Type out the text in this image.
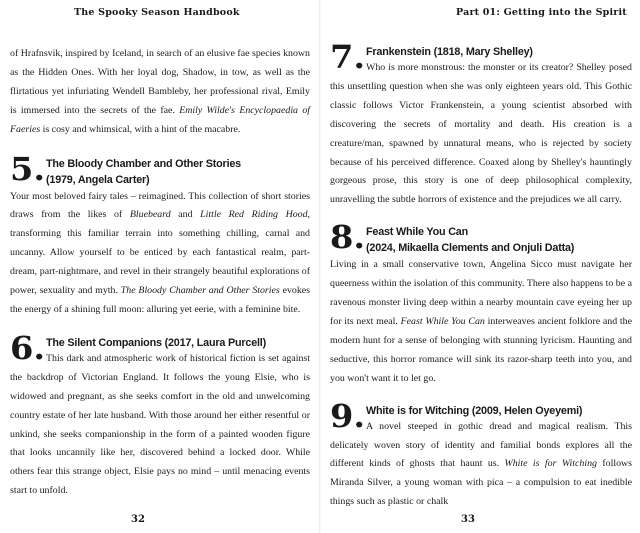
The Spooky Season Handbook

of Hrafnsvik, inspired by Iceland, in search of an elusive fae species known as the Hidden Ones. With her loyal dog, Shadow, in tow, as well as the flirtatious yet infuriating Wendell Bambleby, her professional rival, Emily is immersed into the secrets of the fae. Emily Wilde's Encyclopaedia of Faeries is cosy and whimsical, with a hint of the macabre.

5. The Bloody Chamber and Other Stories
(1979, Angela Carter)

Your most beloved fairy tales – reimagined. This collection of short stories draws from the likes of Bluebeard and Little Red Riding Hood, transforming this familiar terrain into something chilling, carnal and uncanny. Allow yourself to be enticed by each fantastical realm, part-dream, part-nightmare, and revel in their strangely beautiful explorations of power, sexuality and myth. The Bloody Chamber and Other Stories evokes the energy of a shining full moon: alluring yet eerie, with a feminine bite.

6. The Silent Companions (2017, Laura Purcell)

This dark and atmospheric work of historical fiction is set against the backdrop of Victorian England. It follows the young Elsie, who is widowed and pregnant, as she seeks comfort in the old and unwelcoming country estate of her late husband. With those around her either resentful or unkind, she seeks companionship in the form of a painted wooden figure that looks uncannily like her, discovered behind a locked door. While others fear this strange object, Elsie pays no mind – until menacing events start to unfold.

32
Part 01: Getting into the Spirit
7. Frankenstein (1818, Mary Shelley)

Who is more monstrous: the monster or its creator? Shelley posed this unsettling question when she was only eighteen years old. This Gothic classic follows Victor Frankenstein, a young scientist absorbed with discovering the secrets of mortality and death. His creation is a creature/man, spawned by unnatural means, who is rejected by society because of his perceived difference. Coaxed along by Shelley's hauntingly gorgeous prose, this story is one of deep philosophical complexity, unravelling the subtle horrors of existence and the prejudices we all carry.

8. Feast While You Can
(2024, Mikaella Clements and Onjuli Datta)

Living in a small conservative town, Angelina Sicco must navigate her queerness within the isolation of this community. There also happens to be a ravenous monster living deep within a nearby mountain cave eyeing her up for its next meal. Feast While You Can interweaves ancient folklore and the modern hunt for a sense of belonging with stunning lyricism. Haunting and seductive, this horror romance will sink its razor-sharp teeth into you, and you won't want it to let go.

9. White is for Witching (2009, Helen Oyeyemi)

A novel steeped in gothic dread and magical realism. This delicately woven story of identity and familial bonds explores all the different kinds of ghosts that haunt us. White is for Witching follows Miranda Silver, a young woman with pica – a compulsion to eat inedible things such as plastic or chalk

33
